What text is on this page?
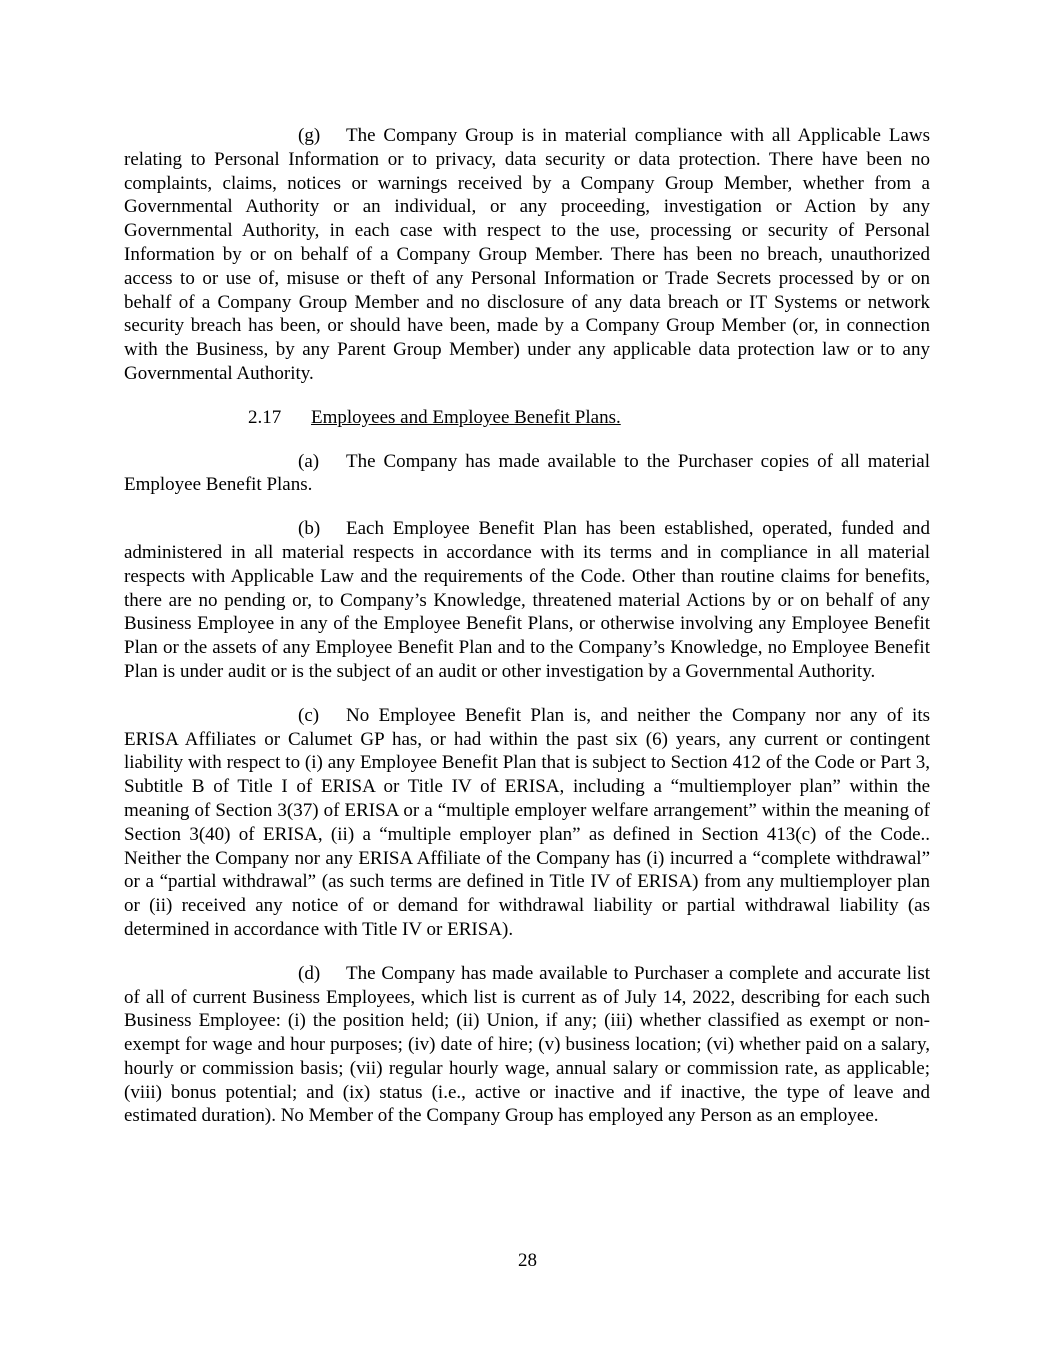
(g) The Company Group is in material compliance with all Applicable Laws relating to Personal Information or to privacy, data security or data protection. There have been no complaints, claims, notices or warnings received by a Company Group Member, whether from a Governmental Authority or an individual, or any proceeding, investigation or Action by any Governmental Authority, in each case with respect to the use, processing or security of Personal Information by or on behalf of a Company Group Member. There has been no breach, unauthorized access to or use of, misuse or theft of any Personal Information or Trade Secrets processed by or on behalf of a Company Group Member and no disclosure of any data breach or IT Systems or network security breach has been, or should have been, made by a Company Group Member (or, in connection with the Business, by any Parent Group Member) under any applicable data protection law or to any Governmental Authority.

2.17 Employees and Employee Benefit Plans.

(a) The Company has made available to the Purchaser copies of all material Employee Benefit Plans.

(b) Each Employee Benefit Plan has been established, operated, funded and administered in all material respects in accordance with its terms and in compliance in all material respects with Applicable Law and the requirements of the Code. Other than routine claims for benefits, there are no pending or, to Company’s Knowledge, threatened material Actions by or on behalf of any Business Employee in any of the Employee Benefit Plans, or otherwise involving any Employee Benefit Plan or the assets of any Employee Benefit Plan and to the Company’s Knowledge, no Employee Benefit Plan is under audit or is the subject of an audit or other investigation by a Governmental Authority.

(c) No Employee Benefit Plan is, and neither the Company nor any of its ERISA Affiliates or Calumet GP has, or had within the past six (6) years, any current or contingent liability with respect to (i) any Employee Benefit Plan that is subject to Section 412 of the Code or Part 3, Subtitle B of Title I of ERISA or Title IV of ERISA, including a “multiemployer plan” within the meaning of Section 3(37) of ERISA or a “multiple employer welfare arrangement” within the meaning of Section 3(40) of ERISA, (ii) a “multiple employer plan” as defined in Section 413(c) of the Code.. Neither the Company nor any ERISA Affiliate of the Company has (i) incurred a “complete withdrawal” or a “partial withdrawal” (as such terms are defined in Title IV of ERISA) from any multiemployer plan or (ii) received any notice of or demand for withdrawal liability or partial withdrawal liability (as determined in accordance with Title IV or ERISA).

(d) The Company has made available to Purchaser a complete and accurate list of all of current Business Employees, which list is current as of July 14, 2022, describing for each such Business Employee: (i) the position held; (ii) Union, if any; (iii) whether classified as exempt or non-exempt for wage and hour purposes; (iv) date of hire; (v) business location; (vi) whether paid on a salary, hourly or commission basis; (vii) regular hourly wage, annual salary or commission rate, as applicable; (viii) bonus potential; and (ix) status (i.e., active or inactive and if inactive, the type of leave and estimated duration). No Member of the Company Group has employed any Person as an employee.

28
